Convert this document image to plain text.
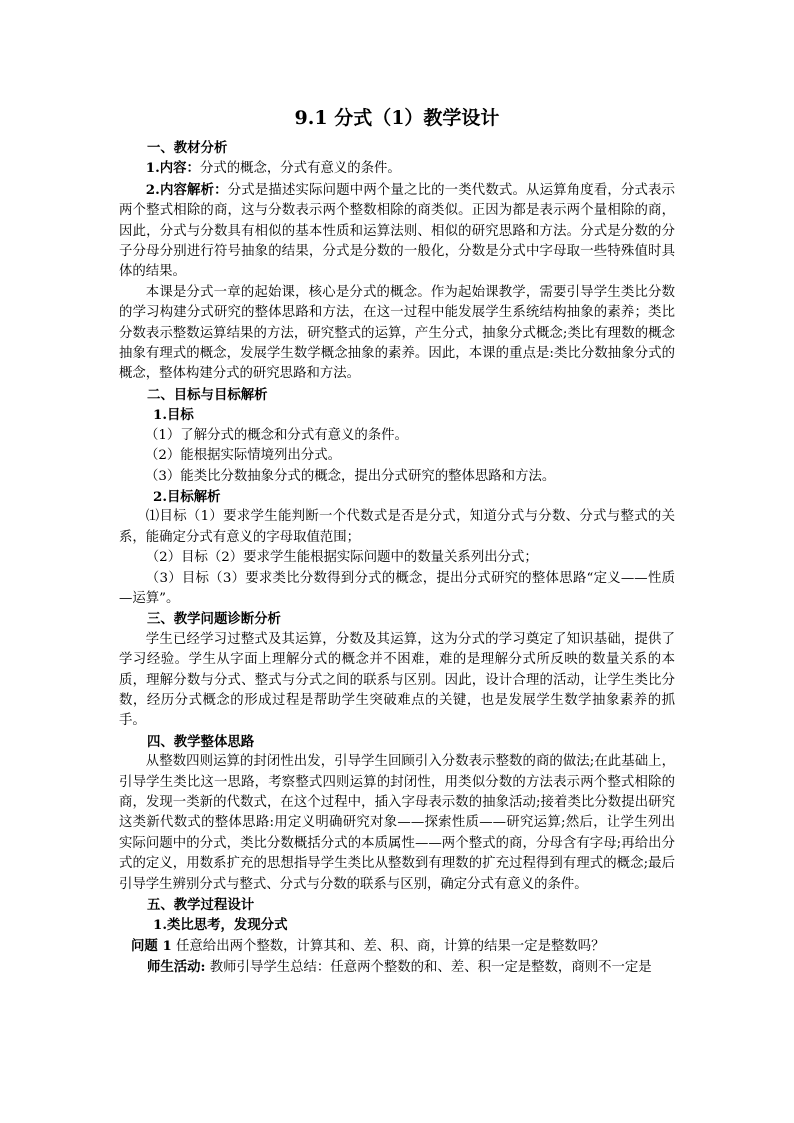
9.1 分式（1）教学设计

一、教材分析

1.内容：分式的概念，分式有意义的条件。

2.内容解析：分式是描述实际问题中两个量之比的一类代数式。从运算角度看，分式表示两个整式相除的商，这与分数表示两个整数相除的商类似。正因为都是表示两个量相除的商，因此，分式与分数具有相似的基本性质和运算法则、相似的研究思路和方法。分式是分数的分子分母分别进行符号抽象的结果，分式是分数的一般化，分数是分式中字母取一些特殊值时具体的结果。

本课是分式一章的起始课，核心是分式的概念。作为起始课教学，需要引导学生类比分数的学习构建分式研究的整体思路和方法，在这一过程中能发展学生系统结构抽象的素养；类比分数表示整数运算结果的方法，研究整式的运算，产生分式，抽象分式概念;类比有理数的概念抽象有理式的概念，发展学生数学概念抽象的素养。因此，本课的重点是:类比分数抽象分式的概念，整体构建分式的研究思路和方法。

二、目标与目标解析

1.目标

（1）了解分式的概念和分式有意义的条件。

（2）能根据实际情境列出分式。

（3）能类比分数抽象分式的概念，提出分式研究的整体思路和方法。

2.目标解析

⑴目标（1）要求学生能判断一个代数式是否是分式，知道分式与分数、分式与整式的关系，能确定分式有意义的字母取值范围；

（2）目标（2）要求学生能根据实际问题中的数量关系列出分式；

（3）目标（3）要求类比分数得到分式的概念，提出分式研究的整体思路“定义——性质—运算”。

三、教学问题诊断分析

学生已经学习过整式及其运算，分数及其运算，这为分式的学习奠定了知识基础，提供了学习经验。学生从字面上理解分式的概念并不困难，难的是理解分式所反映的数量关系的本质，理解分数与分式、整式与分式之间的联系与区别。因此，设计合理的活动，让学生类比分数，经历分式概念的形成过程是帮助学生突破难点的关键，也是发展学生数学抽象素养的抓手。

四、教学整体思路

从整数四则运算的封闭性出发，引导学生回顾引入分数表示整数的商的做法;在此基础上，引导学生类比这一思路，考察整式四则运算的封闭性，用类似分数的方法表示两个整式相除的商，发现一类新的代数式，在这个过程中，插入字母表示数的抽象活动;接着类比分数提出研究这类新代数式的整体思路:用定义明确研究对象——探索性质——研究运算;然后，让学生列出实际问题中的分式，类比分数概括分式的本质属性——两个整式的商，分母含有字母;再给出分式的定义，用数系扩充的思想指导学生类比从整数到有理数的扩充过程得到有理式的概念;最后引导学生辨别分式与整式、分式与分数的联系与区别，确定分式有意义的条件。

五、教学过程设计

1.类比思考，发现分式

问题 1 任意给出两个整数，计算其和、差、积、商，计算的结果一定是整数吗？

师生活动: 教师引导学生总结：任意两个整数的和、差、积一定是整数，商则不一定是
